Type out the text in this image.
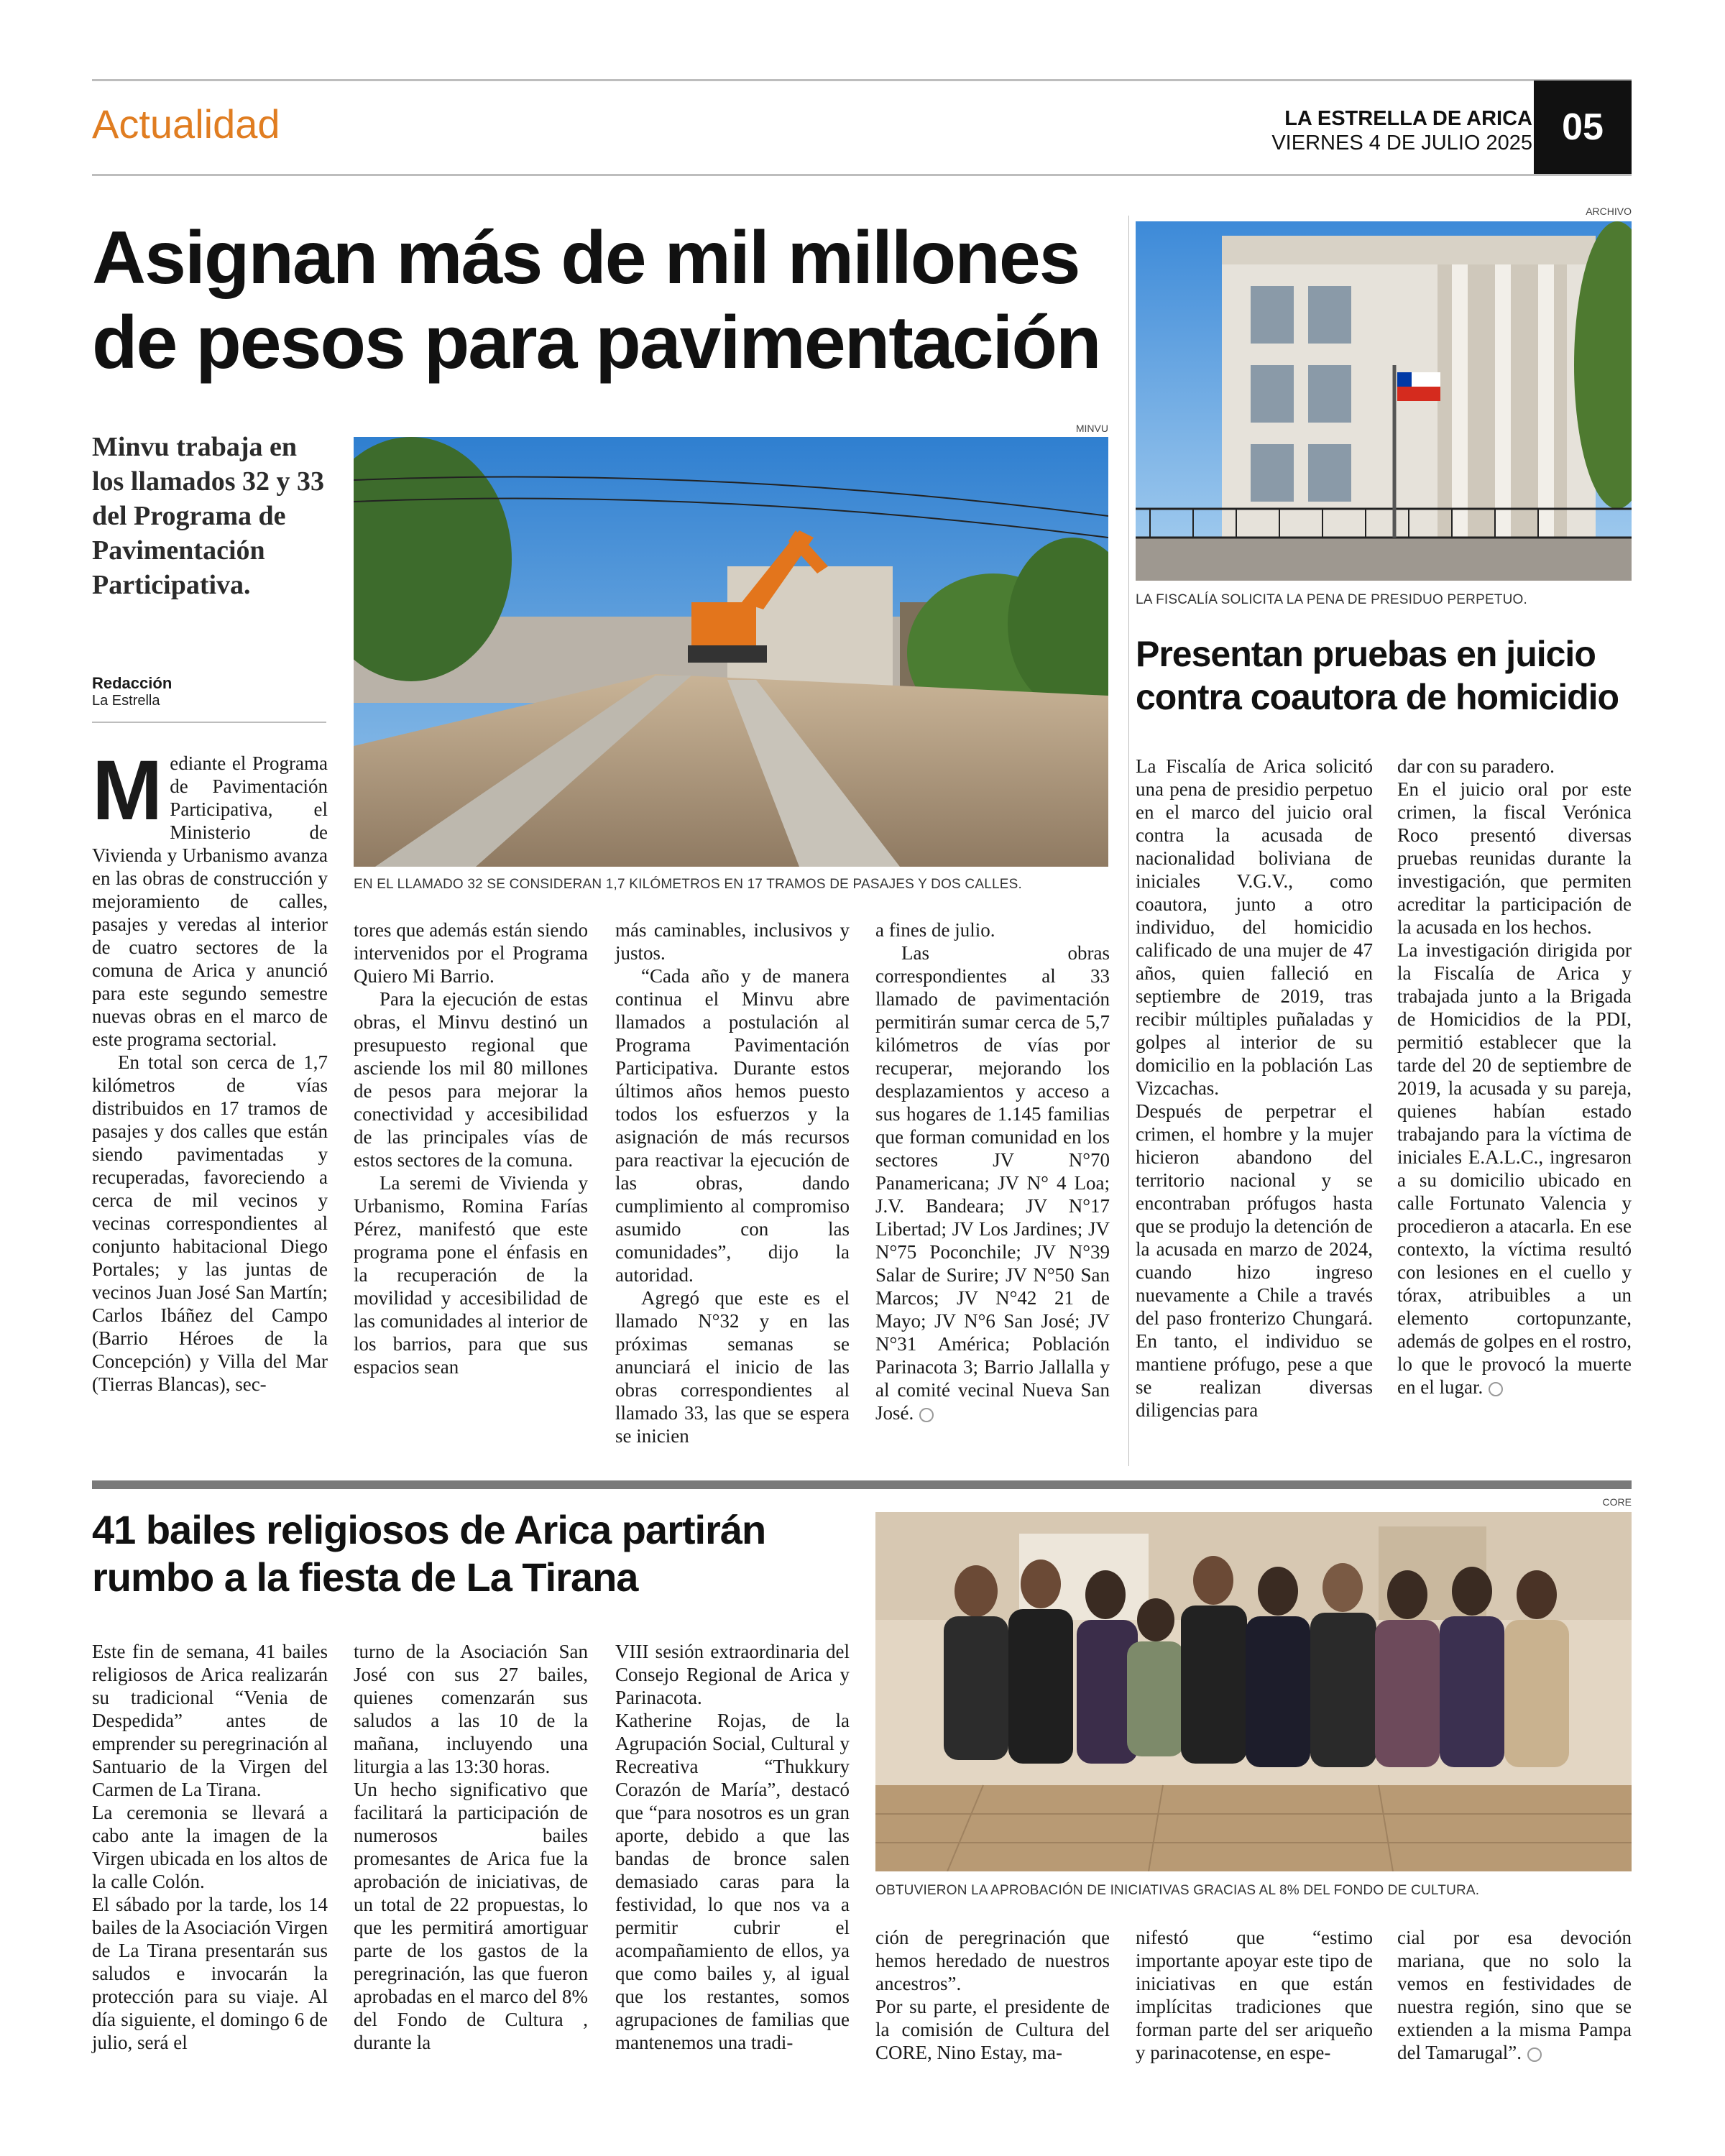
Actualidad	LA ESTRELLA DE ARICA
VIERNES 4 DE JULIO 2025 05
Asignan más de mil millones de pesos para pavimentación
Minvu trabaja en los llamados 32 y 33 del Programa de Pavimentación Participativa.
Redacción
La Estrella
MINVU
EN EL LLAMADO 32 SE CONSIDERAN 1,7 KILÓMETROS EN 17 TRAMOS DE PASAJES Y DOS CALLES.

Mediante el Programa de Pavimentación Participativa, el Ministerio de Vivienda y Urbanismo avanza en las obras de construcción y mejoramiento de calles, pasajes y veredas al interior de cuatro sectores de la comuna de Arica y anunció para este segundo semestre nuevas obras en el marco de este programa sectorial.

En total son cerca de 1,7 kilómetros de vías distribuidos en 17 tramos de pasajes y dos calles que están siendo pavimentadas y recuperadas, favoreciendo a cerca de mil vecinos y vecinas correspondientes al conjunto habitacional Diego Portales; y las juntas de vecinos Juan José San Martín; Carlos Ibáñez del Campo (Barrio Héroes de la Concepción) y Villa del Mar (Tierras Blancas), sec-

tores que además están siendo intervenidos por el Programa Quiero Mi Barrio.

Para la ejecución de estas obras, el Minvu destinó un presupuesto regional que asciende los mil 80 millones de pesos para mejorar la conectividad y accesibilidad de las principales vías de estos sectores de la comuna.

La seremi de Vivienda y Urbanismo, Romina Farías Pérez, manifestó que este programa pone el énfasis en la recuperación de la movilidad y accesibilidad de las comunidades al interior de los barrios, para que sus espacios sean

más caminables, inclusivos y justos.

“Cada año y de manera continua el Minvu abre llamados a postulación al Programa Pavimentación Participativa. Durante estos últimos años hemos puesto todos los esfuerzos y la asignación de más recursos para reactivar la ejecución de las obras, dando cumplimiento al compromiso asumido con las comunidades”, dijo la autoridad.

Agregó que este es el llamado N°32 y en las próximas semanas se anunciará el inicio de las obras correspondientes al llamado 33, las que se espera se inicien

a fines de julio.

Las obras correspondientes al 33 llamado de pavimentación permitirán sumar cerca de 5,7 kilómetros de vías por recuperar, mejorando los desplazamientos y acceso a sus hogares de 1.145 familias que forman comunidad en los sectores JV N°70 Panamericana; JV N° 4 Loa; J.V. Bandeara; JV N°17 Libertad; JV Los Jardines; JV N°75 Poconchile; JV N°39 Salar de Surire; JV N°50 San Marcos; JV N°42 21 de Mayo; JV N°6 San José; JV N°31 América; Población Parinacota 3; Barrio Jallalla y al comité vecinal Nueva San José.

ARCHIVO
LA FISCALÍA SOLICITA LA PENA DE PRESIDUO PERPETUO.
Presentan pruebas en juicio contra coautora de homicidio

La Fiscalía de Arica solicitó una pena de presidio perpetuo en el marco del juicio oral contra la acusada de nacionalidad boliviana de iniciales V.G.V., como coautora, junto a otro individuo, del homicidio calificado de una mujer de 47 años, quien falleció en septiembre de 2019, tras recibir múltiples puñaladas y golpes al interior de su domicilio en la población Las Vizcachas.

Después de perpetrar el crimen, el hombre y la mujer hicieron abandono del territorio nacional y se encontraban prófugos hasta que se produjo la detención de la acusada en marzo de 2024, cuando hizo ingreso nuevamente a Chile a través del paso fronterizo Chungará. En tanto, el individuo se mantiene prófugo, pese a que se realizan diversas diligencias para

dar con su paradero.

En el juicio oral por este crimen, la fiscal Verónica Roco presentó diversas pruebas reunidas durante la investigación, que permiten acreditar la participación de la acusada en los hechos.

La investigación dirigida por la Fiscalía de Arica y trabajada junto a la Brigada de Homicidios de la PDI, permitió establecer que la tarde del 20 de septiembre de 2019, la acusada y su pareja, quienes habían estado trabajando para la víctima de iniciales E.A.L.C., ingresaron a su domicilio ubicado en calle Fortunato Valencia y procedieron a atacarla. En ese contexto, la víctima resultó con lesiones en el cuello y tórax, atribuibles a un elemento cortopunzante, además de golpes en el rostro, lo que le provocó la muerte en el lugar.

41 bailes religiosos de Arica partirán rumbo a la fiesta de La Tirana
CORE
OBTUVIERON LA APROBACIÓN DE INICIATIVAS GRACIAS AL 8% DEL FONDO DE CULTURA.

Este fin de semana, 41 bailes religiosos de Arica realizarán su tradicional “Venia de Despedida” antes de emprender su peregrinación al Santuario de la Virgen del Carmen de La Tirana.

La ceremonia se llevará a cabo ante la imagen de la Virgen ubicada en los altos de la calle Colón.

El sábado por la tarde, los 14 bailes de la Asociación Virgen de La Tirana presentarán sus saludos e invocarán la protección para su viaje. Al día siguiente, el domingo 6 de julio, será el

turno de la Asociación San José con sus 27 bailes, quienes comenzarán sus saludos a las 10 de la mañana, incluyendo una liturgia a las 13:30 horas.

Un hecho significativo que facilitará la participación de numerosos bailes promesantes de Arica fue la aprobación de iniciativas, de un total de 22 propuestas, lo que les permitirá amortiguar parte de los gastos de la peregrinación, las que fueron aprobadas en el marco del 8% del Fondo de Cultura , durante la

VIII sesión extraordinaria del Consejo Regional de Arica y Parinacota.

Katherine Rojas, de la Agrupación Social, Cultural y Recreativa “Thukkury Corazón de María”, destacó que “para nosotros es un gran aporte, debido a que las bandas de bronce salen demasiado caras para la festividad, lo que nos va a permitir cubrir el acompañamiento de ellos, ya que como bailes y, al igual que los restantes, somos agrupaciones de familias que mantenemos una tradi-

ción de peregrinación que hemos heredado de nuestros ancestros”.

Por su parte, el presidente de la comisión de Cultura del CORE, Nino Estay, ma-

nifestó que “estimo importante apoyar este tipo de iniciativas en que están implícitas tradiciones que forman parte del ser ariqueño y parinacotense, en espe-

cial por esa devoción mariana, que no solo la vemos en festividades de nuestra región, sino que se extienden a la misma Pampa del Tamarugal”.
